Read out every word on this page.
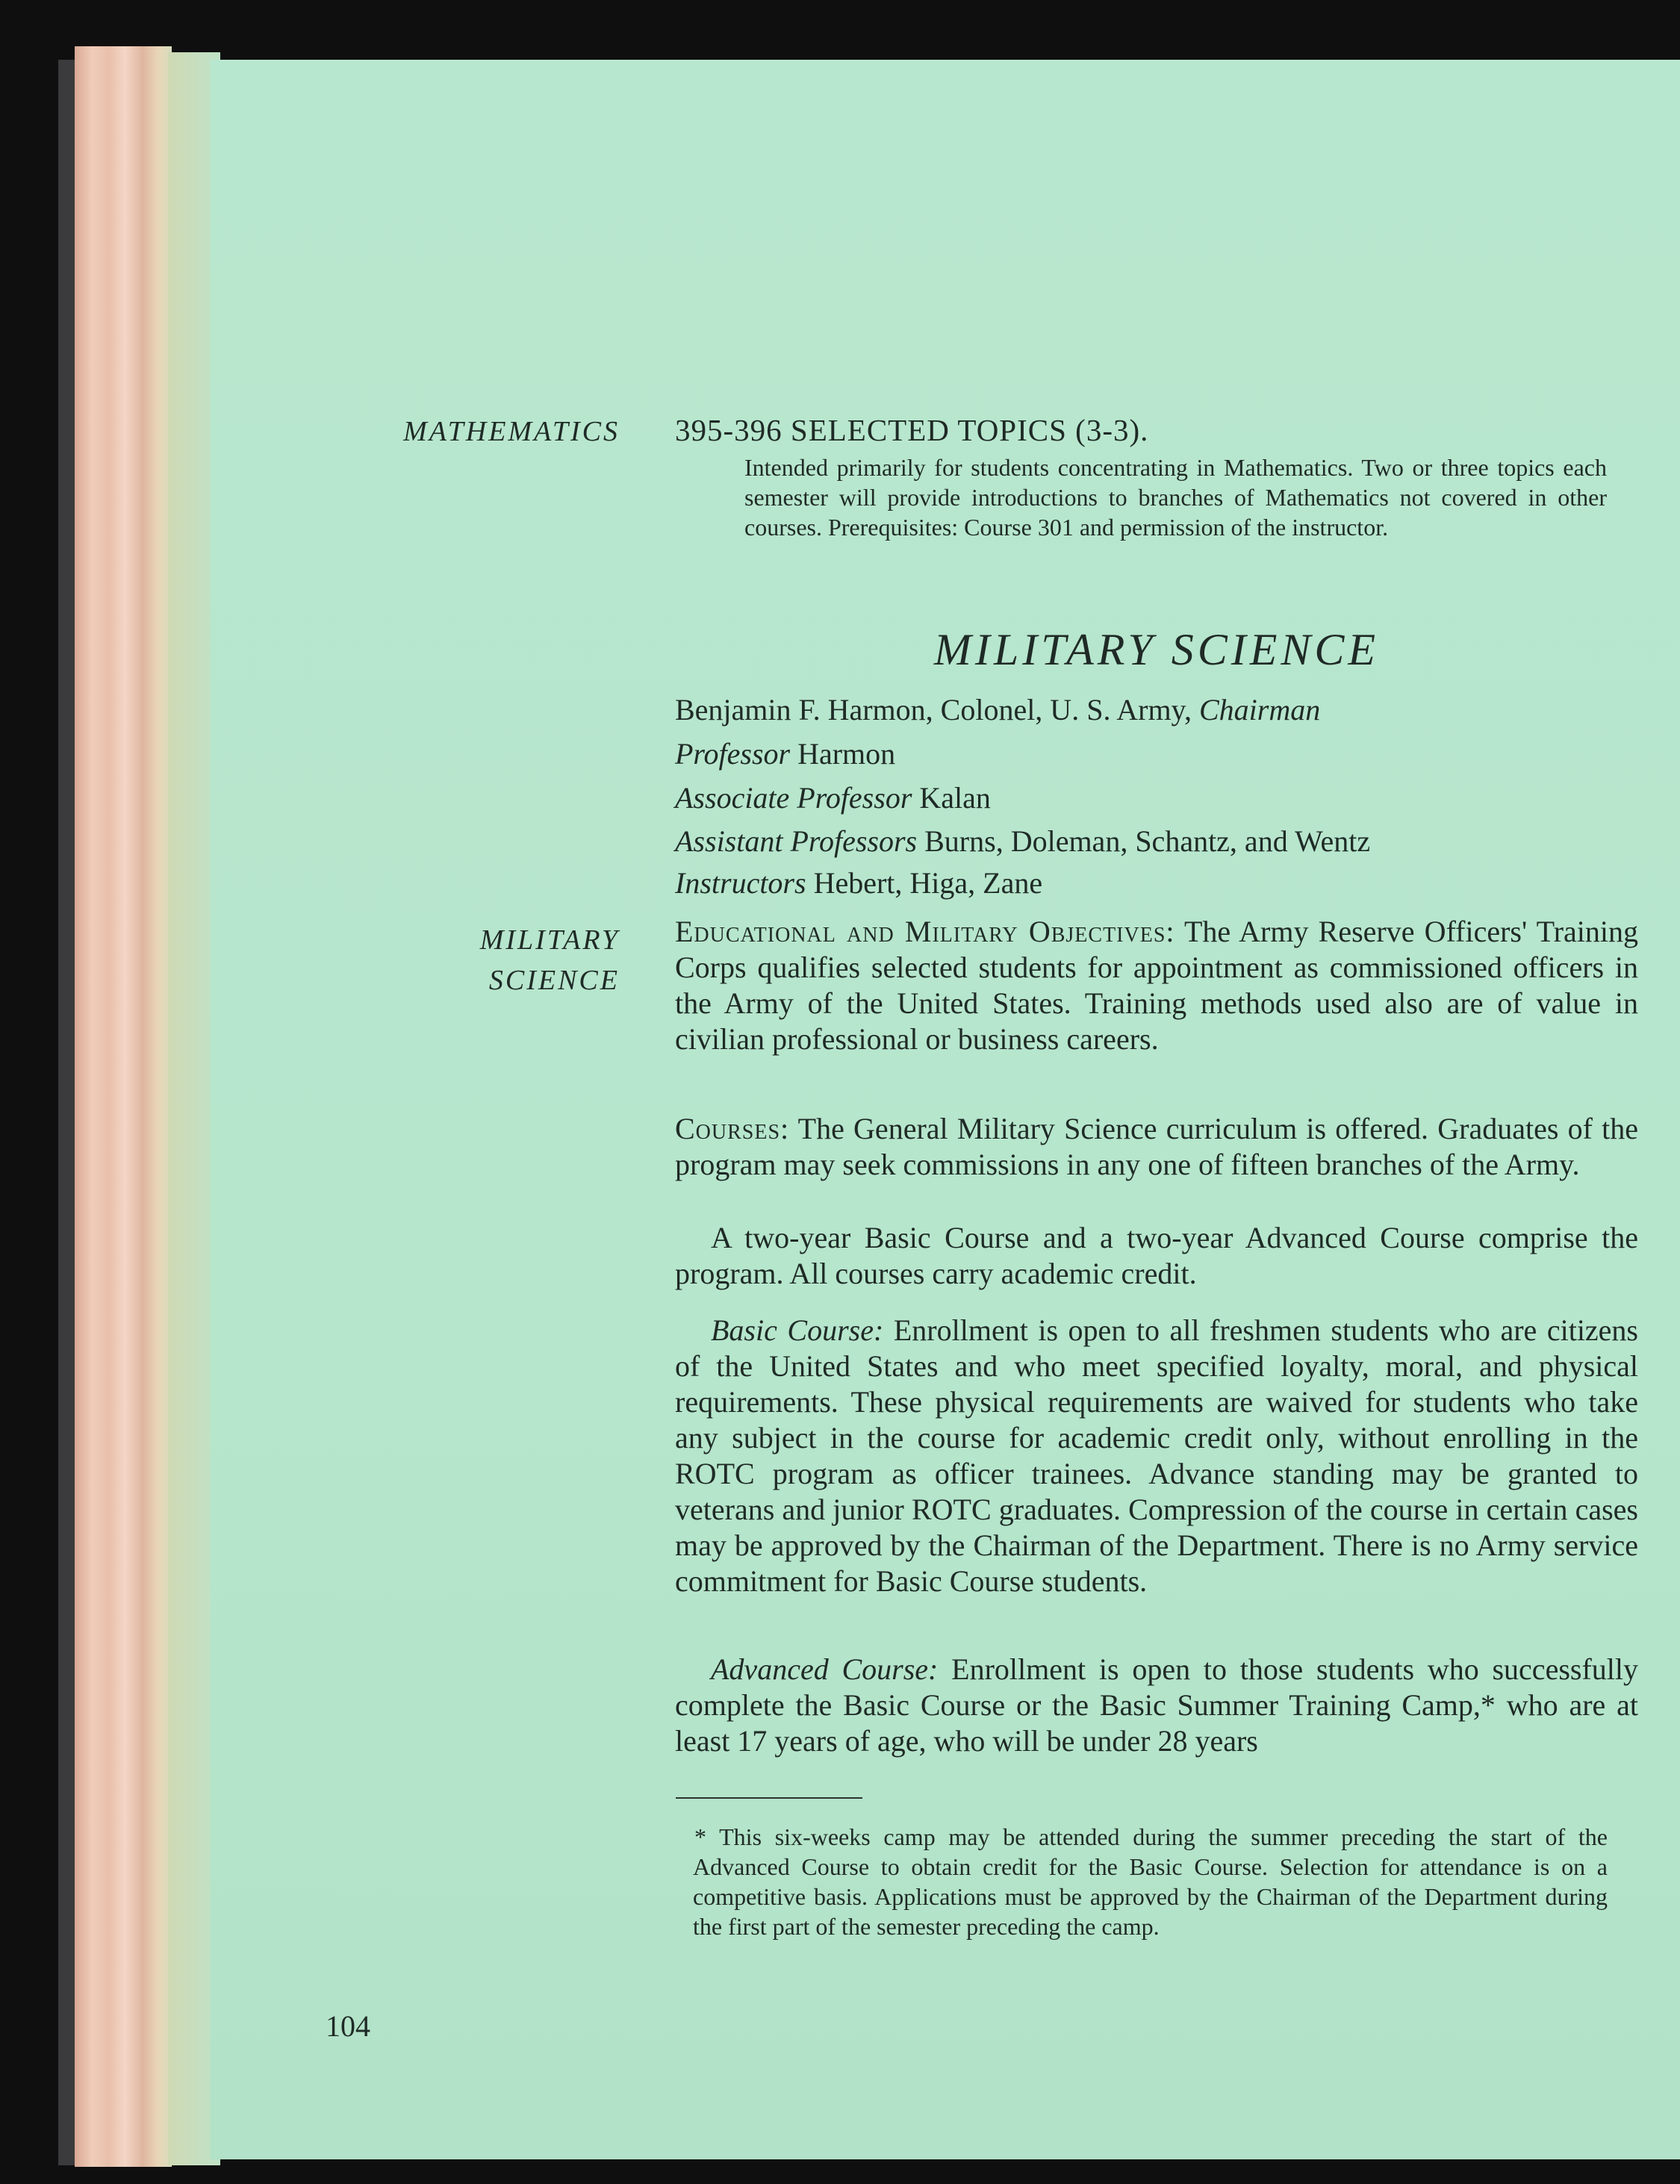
MATHEMATICS 395-396 SELECTED TOPICS (3-3).
Intended primarily for students concentrating in Mathematics. Two or three topics each semester will provide introductions to branches of Mathematics not covered in other courses. Prerequisites: Course 301 and permission of the instructor.
MILITARY SCIENCE
Benjamin F. Harmon, Colonel, U. S. Army, Chairman
Professor Harmon
Associate Professor Kalan
Assistant Professors Burns, Doleman, Schantz, and Wentz
Instructors Hebert, Higa, Zane
MILITARY
SCIENCE
Educational and Military Objectives: The Army Reserve Officers' Training Corps qualifies selected students for appointment as commissioned officers in the Army of the United States. Training methods used also are of value in civilian professional or business careers.
Courses: The General Military Science curriculum is offered. Graduates of the program may seek commissions in any one of fifteen branches of the Army.
A two-year Basic Course and a two-year Advanced Course comprise the program. All courses carry academic credit.
Basic Course: Enrollment is open to all freshmen students who are citizens of the United States and who meet specified loyalty, moral, and physical requirements. These physical requirements are waived for students who take any subject in the course for academic credit only, without enrolling in the ROTC program as officer trainees. Advance standing may be granted to veterans and junior ROTC graduates. Compression of the course in certain cases may be approved by the Chairman of the Department. There is no Army service commitment for Basic Course students.
Advanced Course: Enrollment is open to those students who successfully complete the Basic Course or the Basic Summer Training Camp,* who are at least 17 years of age, who will be under 28 years
* This six-weeks camp may be attended during the summer preceding the start of the Advanced Course to obtain credit for the Basic Course. Selection for attendance is on a competitive basis. Applications must be approved by the Chairman of the Department during the first part of the semester preceding the camp.
104
